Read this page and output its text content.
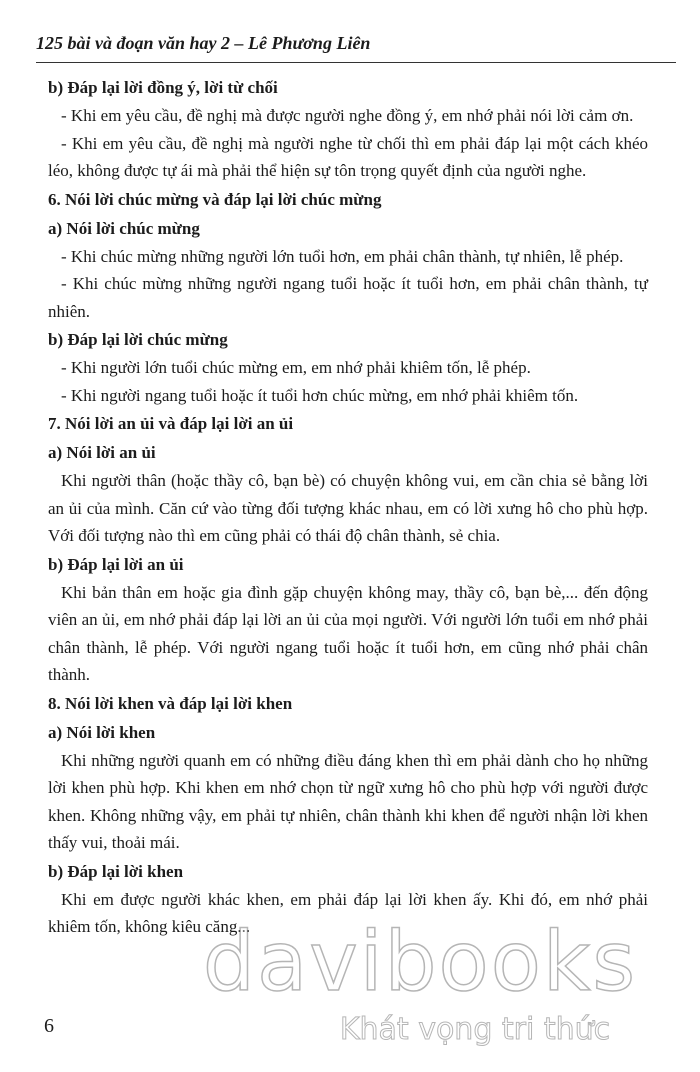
125 bài và đoạn văn hay 2 – Lê Phương Liên

b) Đáp lại lời đồng ý, lời từ chối

- Khi em yêu cầu, đề nghị mà được người nghe đồng ý, em nhớ phải nói lời cảm ơn.

- Khi em yêu cầu, đề nghị mà người nghe từ chối thì em phải đáp lại một cách khéo léo, không được tự ái mà phải thể hiện sự tôn trọng quyết định của người nghe.

6. Nói lời chúc mừng và đáp lại lời chúc mừng

a) Nói lời chúc mừng

- Khi chúc mừng những người lớn tuổi hơn, em phải chân thành, tự nhiên, lễ phép.

- Khi chúc mừng những người ngang tuổi hoặc ít tuổi hơn, em phải chân thành, tự nhiên.

b) Đáp lại lời chúc mừng

- Khi người lớn tuổi chúc mừng em, em nhớ phải khiêm tốn, lễ phép.

- Khi người ngang tuổi hoặc ít tuổi hơn chúc mừng, em nhớ phải khiêm tốn.

7. Nói lời an ủi và đáp lại lời an ủi

a) Nói lời an ủi

Khi người thân (hoặc thầy cô, bạn bè) có chuyện không vui, em cần chia sẻ bằng lời an ủi của mình. Căn cứ vào từng đối tượng khác nhau, em có lời xưng hô cho phù hợp. Với đối tượng nào thì em cũng phải có thái độ chân thành, sẻ chia.

b) Đáp lại lời an ủi

Khi bản thân em hoặc gia đình gặp chuyện không may, thầy cô, bạn bè,... đến động viên an ủi, em nhớ phải đáp lại lời an ủi của mọi người. Với người lớn tuổi em nhớ phải chân thành, lễ phép. Với người ngang tuổi hoặc ít tuổi hơn, em cũng nhớ phải chân thành.

8. Nói lời khen và đáp lại lời khen

a) Nói lời khen

Khi những người quanh em có những điều đáng khen thì em phải dành cho họ những lời khen phù hợp. Khi khen em nhớ chọn từ ngữ xưng hô cho phù hợp với người được khen. Không những vậy, em phải tự nhiên, chân thành khi khen để người nhận lời khen thấy vui, thoải mái.

b) Đáp lại lời khen

Khi em được người khác khen, em phải đáp lại lời khen ấy. Khi đó, em nhớ phải khiêm tốn, không kiêu căng...

6
davibooks
Khát vọng tri thức
